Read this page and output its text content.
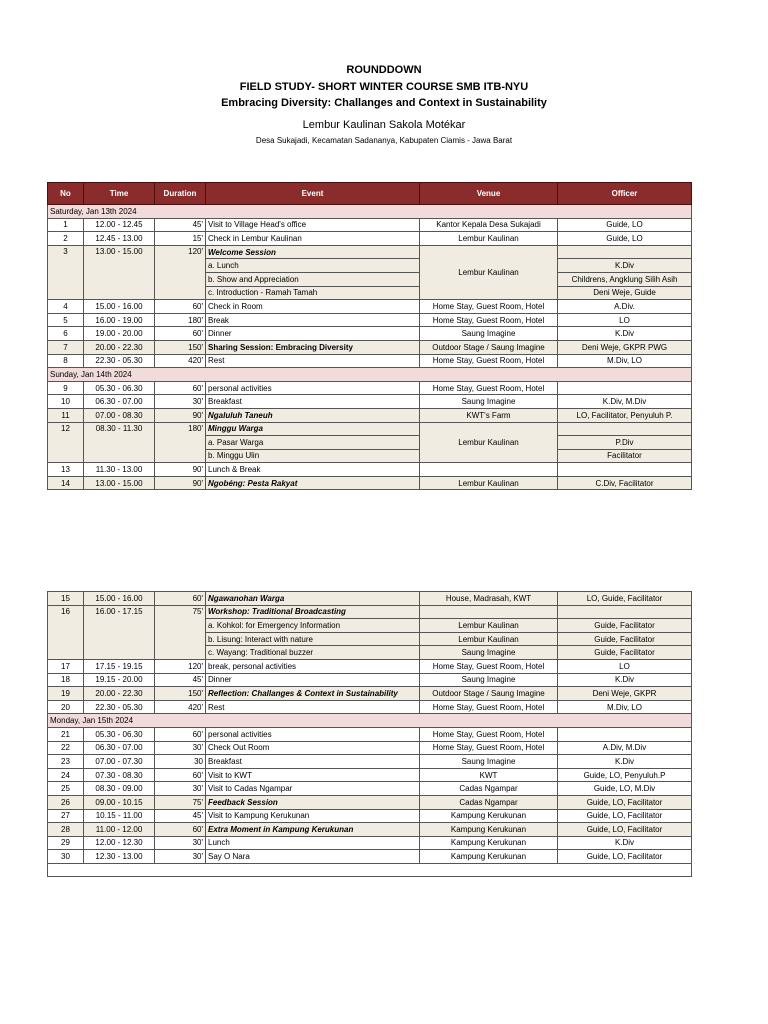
ROUNDDOWN
FIELD STUDY- SHORT WINTER COURSE SMB ITB-NYU
Embracing Diversity: Challanges and Context in Sustainability
Lembur Kaulinan Sakola Motékar
Desa Sukajadi, Kecamatan Sadananya, Kabupaten Ciamis - Jawa Barat
No	Time	Duration	Event	Venue	Officer
Saturday, Jan 13th 2024					
1	12.00 - 12.45	45'	Visit to Village Head's office	Kantor Kepala Desa Sukajadi	Guide, LO
2	12.45 - 13.00	15'	Check in Lembur Kaulinan	Lembur Kaulinan	Guide, LO
3	13.00 - 15.00	120'	Welcome Session	Lembur Kaulinan	
			a. Lunch		K.Div
			b. Show and Appreciation		Childrens, Angklung Silih Asih
			c. Introduction - Ramah Tamah		Deni Weje, Guide
4	15.00 - 16.00	60'	Check in Room	Home Stay, Guest Room, Hotel	A.Div.
5	16.00 - 19.00	180'	Break	Home Stay, Guest Room, Hotel	LO
6	19.00 - 20.00	60'	Dinner	Saung Imagine	K.Div
7	20.00 - 22.30	150'	Sharing Session: Embracing Diversity	Outdoor Stage / Saung Imagine	Deni Weje, GKPR PWG
8	22.30 - 05.30	420'	Rest	Home Stay, Guest Room, Hotel	M.Div, LO
Sunday, Jan 14th 2024					
9	05.30 - 06.30	60'	personal activities	Home Stay, Guest Room, Hotel	
10	06.30 - 07.00	30'	Breakfast	Saung Imagine	K.Div, M.Div
11	07.00 - 08.30	90'	Ngaluluh Taneuh	KWT's Farm	LO, Facilitator, Penyuluh P.
12	08.30 - 11.30	180'	Minggu Warga	Lembur Kaulinan	
			a. Pasar Warga		P.Div
			b. Minggu Ulin		Facilitator
13	11.30 - 13.00	90'	Lunch & Break		
14	13.00 - 15.00	90'	Ngobéng: Pesta Rakyat	Lembur Kaulinan	C.Div, Facilitator
15	15.00 - 16.00	60'	Ngawanohan Warga	House, Madrasah, KWT	LO, Guide, Facilitator
16	16.00 - 17.15	75'	Workshop: Traditional Broadcasting		
			a. Kohkol: for Emergency Information	Lembur Kaulinan	Guide, Facilitator
			b. Lisung: Interact with nature	Lembur Kaulinan	Guide, Facilitator
			c. Wayang: Traditional buzzer	Saung Imagine	Guide, Facilitator
17	17.15 - 19.15	120'	break, personal activities	Home Stay, Guest Room, Hotel	LO
18	19.15 - 20.00	45'	Dinner	Saung Imagine	K.Div
19	20.00 - 22.30	150'	Reflection: Challanges & Context in Sustainability	Outdoor Stage / Saung Imagine	Deni Weje, GKPR
20	22.30 - 05.30	420'	Rest	Home Stay, Guest Room, Hotel	M.Div, LO
Monday, Jan 15th 2024					
21	05.30 - 06.30	60'	personal activities	Home Stay, Guest Room, Hotel	
22	06.30 - 07.00	30'	Check Out Room	Home Stay, Guest Room, Hotel	A.Div, M.Div
23	07.00 - 07.30	30	Breakfast	Saung Imagine	K.Div
24	07.30 - 08.30	60'	Visit to KWT	KWT	Guide, LO, Penyuluh.P
25	08.30 - 09.00	30'	Visit to Cadas Ngampar	Cadas Ngampar	Guide, LO, M.Div
26	09.00 - 10.15	75'	Feedback Session	Cadas Ngampar	Guide, LO, Facilitator
27	10.15 - 11.00	45'	Visit to Kampung Kerukunan	Kampung Kerukunan	Guide, LO, Facilitator
28	11.00 - 12.00	60'	Extra Moment in Kampung Kerukunan	Kampung Kerukunan	Guide, LO, Facilitator
29	12.00 - 12.30	30'	Lunch	Kampung Kerukunan	K.Div
30	12.30 - 13.00	30'	Say O Nara	Kampung Kerukunan	Guide, LO, Facilitator
